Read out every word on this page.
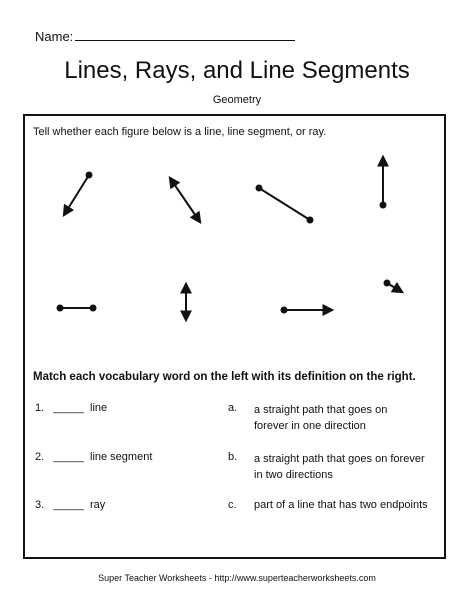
Name:
Lines, Rays, and Line Segments
Geometry
Tell whether each figure below is a line, line segment, or ray.
Match each vocabulary word on the left with its definition on the right.
1. _____ line
2. _____ line segment
3. _____ ray
a. a straight path that goes on
forever in one direction
b. a straight path that goes on forever
in two directions
c. part of a line that has two endpoints
Super Teacher Worksheets - http://www.superteacherworksheets.com
